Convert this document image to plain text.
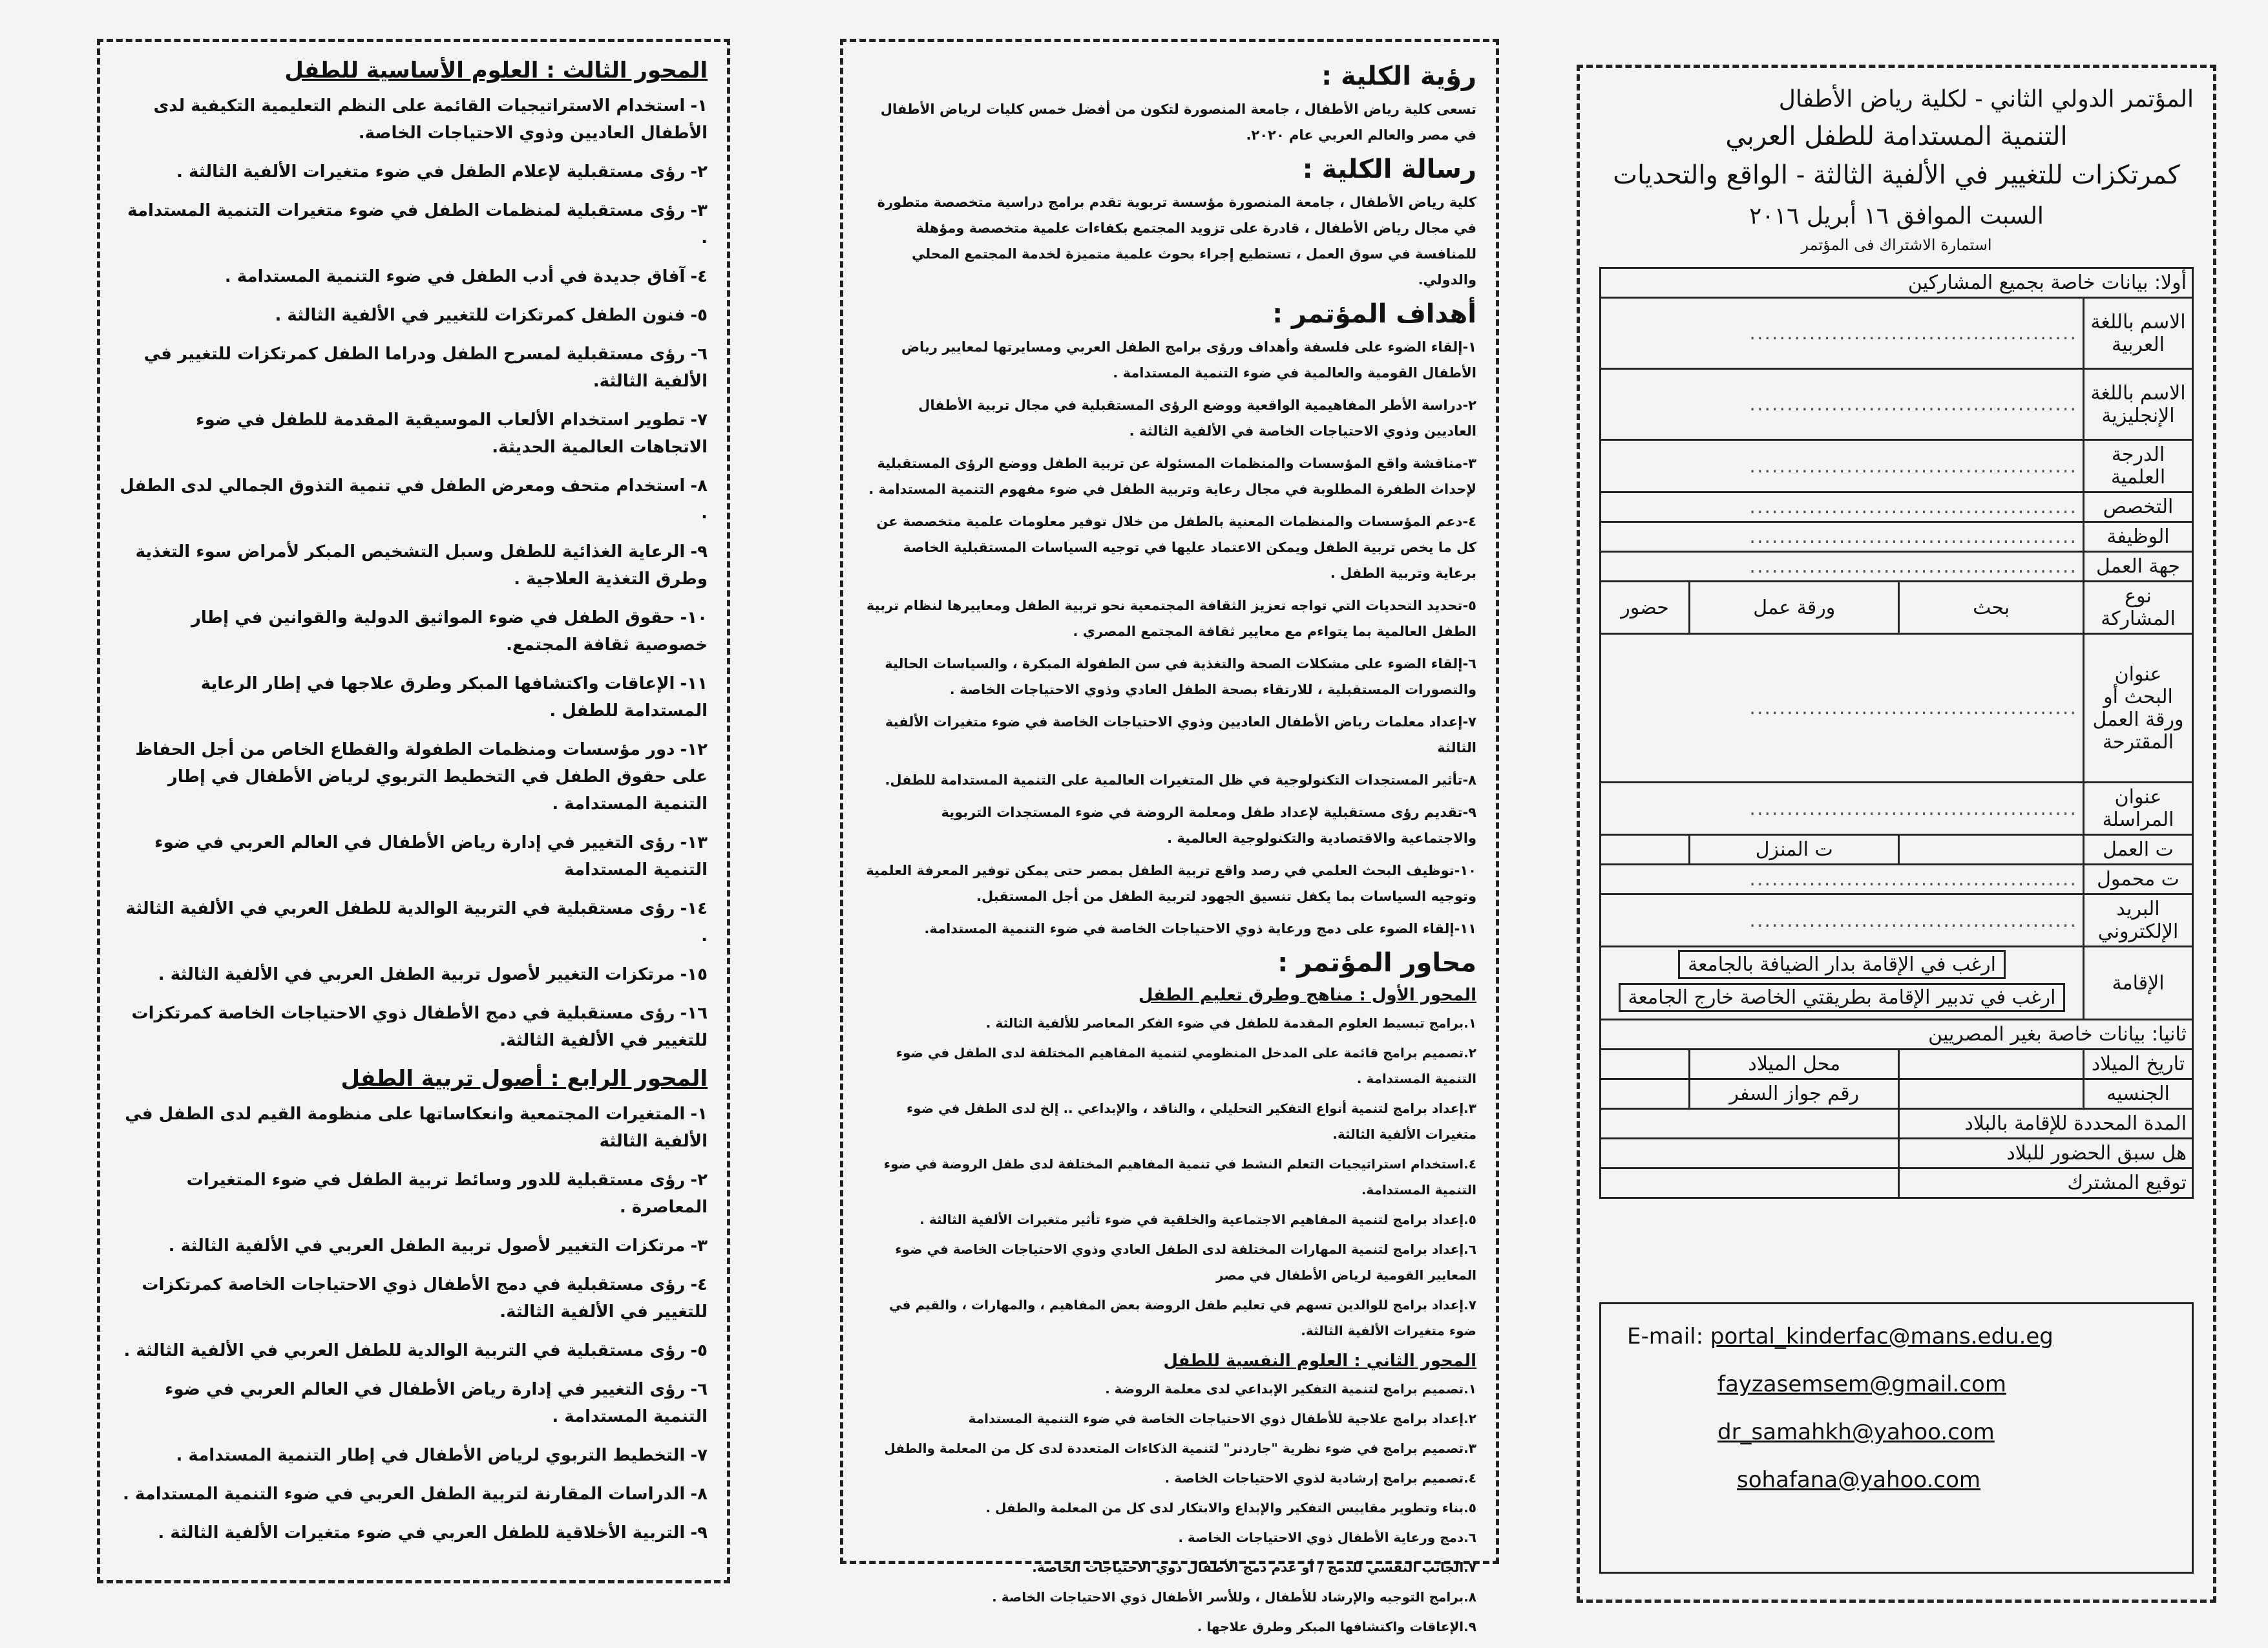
المحور الثالث : العلوم الأساسية للطفل
١-استخدام الاستراتيجيات القائمة على النظم التعليمية التكيفية لدى الأطفال العاديين وذوي الاحتياجات الخاصة.
٢-رؤى مستقبلية لإعلام الطفل في ضوء متغيرات الألفية الثالثة .
٣-رؤى مستقبلية لمنظمات الطفل في ضوء متغيرات التنمية المستدامة .
٤-آفاق جديدة في أدب الطفل في ضوء التنمية المستدامة .
٥-فنون الطفل كمرتكزات للتغيير في الألفية الثالثة .
٦-رؤى مستقبلية لمسرح الطفل ودراما الطفل كمرتكزات للتغيير في الألفية الثالثة.
٧-تطوير استخدام الألعاب الموسيقية المقدمة للطفل في ضوء الاتجاهات العالمية الحديثة.
٨-استخدام متحف ومعرض الطفل في تنمية التذوق الجمالي لدى الطفل .
٩-الرعاية الغذائية للطفل وسبل التشخيص المبكر لأمراض سوء التغذية وطرق التغذية العلاجية .
١٠-حقوق الطفل في ضوء المواثيق الدولية والقوانين في إطار خصوصية ثقافة المجتمع.
١١-الإعاقات واكتشافها المبكر وطرق علاجها في إطار الرعاية المستدامة للطفل .
١٢-دور مؤسسات ومنظمات الطفولة والقطاع الخاص من أجل الحفاظ على حقوق الطفل في التخطيط التربوي لرياض الأطفال في إطار التنمية المستدامة .
١٣-رؤى التغيير في إدارة رياض الأطفال في العالم العربي في ضوء التنمية المستدامة
١٤-رؤى مستقبلية في التربية الوالدية للطفل العربي في الألفية الثالثة .
١٥-مرتكزات التغيير لأصول تربية الطفل العربي في الألفية الثالثة .
١٦-رؤى مستقبلية في دمج الأطفال ذوي الاحتياجات الخاصة كمرتكزات للتغيير في الألفية الثالثة.
المحور الرابع : أصول تربية الطفل
١-المتغيرات المجتمعية وانعكاساتها على منظومة القيم لدى الطفل في الألفية الثالثة
٢-رؤى مستقبلية للدور وسائط تربية الطفل في ضوء المتغيرات المعاصرة .
٣-مرتكزات التغيير لأصول تربية الطفل العربي في الألفية الثالثة .
٤-رؤى مستقبلية في دمج الأطفال ذوي الاحتياجات الخاصة كمرتكزات للتغيير في الألفية الثالثة.
٥-رؤى مستقبلية في التربية الوالدية للطفل العربي في الألفية الثالثة .
٦-رؤى التغيير في إدارة رياض الأطفال في العالم العربي في ضوء التنمية المستدامة .
٧-التخطيط التربوي لرياض الأطفال في إطار التنمية المستدامة .
٨-الدراسات المقارنة لتربية الطفل العربي في ضوء التنمية المستدامة .
٩-التربية الأخلاقية للطفل العربي في ضوء متغيرات الألفية الثالثة .
رؤية الكلية :
تسعى كلية رياض الأطفال ، جامعة المنصورة لتكون من أفضل خمس كليات لرياض الأطفال في مصر والعالم العربي عام ٢٠٢٠.
رسالة الكلية :
كلية رياض الأطفال ، جامعة المنصورة مؤسسة تربوية تقدم برامج دراسية متخصصة متطورة في مجال رياض الأطفال ، قادرة على تزويد المجتمع بكفاءات علمية متخصصة ومؤهلة للمنافسة في سوق العمل ، تستطيع إجراء بحوث علمية متميزة لخدمة المجتمع المحلي والدولي.
أهداف المؤتمر :
١-إلقاء الضوء على فلسفة وأهداف ورؤى برامج الطفل العربي ومسايرتها لمعايير رياض الأطفال القومية والعالمية في ضوء التنمية المستدامة .
٢-دراسة الأطر المفاهيمية الواقعية ووضع الرؤى المستقبلية في مجال تربية الأطفال العاديين وذوي الاحتياجات الخاصة في الألفية الثالثة .
٣-مناقشة واقع المؤسسات والمنظمات المسئولة عن تربية الطفل ووضع الرؤى المستقبلية لإحداث الطفرة المطلوبة في مجال رعاية وتربية الطفل في ضوء مفهوم التنمية المستدامة .
٤-دعم المؤسسات والمنظمات المعنية بالطفل من خلال توفير معلومات علمية متخصصة عن كل ما يخص تربية الطفل ويمكن الاعتماد عليها في توجيه السياسات المستقبلية الخاصة برعاية وتربية الطفل .
٥-تحديد التحديات التي تواجه تعزيز الثقافة المجتمعية نحو تربية الطفل ومعاييرها لنظام تربية الطفل العالمية بما يتواءم مع معايير ثقافة المجتمع المصري .
٦-إلقاء الضوء على مشكلات الصحة والتغذية في سن الطفولة المبكرة ، والسياسات الحالية والتصورات المستقبلية ، للارتقاء بصحة الطفل العادي وذوي الاحتياجات الخاصة .
٧-إعداد معلمات رياض الأطفال العاديين وذوي الاحتياجات الخاصة في ضوء متغيرات الألفية الثالثة
٨-تأثير المستجدات التكنولوجية في ظل المتغيرات العالمية على التنمية المستدامة للطفل.
٩-تقديم رؤى مستقبلية لإعداد طفل ومعلمة الروضة في ضوء المستجدات التربوية والاجتماعية والاقتصادية والتكنولوجية العالمية .
١٠-توظيف البحث العلمي في رصد واقع تربية الطفل بمصر حتى يمكن توفير المعرفة العلمية وتوجيه السياسات بما يكفل تنسيق الجهود لتربية الطفل من أجل المستقبل.
١١-إلقاء الضوء على دمج ورعاية ذوي الاحتياجات الخاصة في ضوء التنمية المستدامة.
محاور المؤتمر :
المحور الأول : مناهج وطرق تعليم الطفل
١.برامج تبسيط العلوم المقدمة للطفل في ضوء الفكر المعاصر للألفية الثالثة .
٢.تصميم برامج قائمة على المدخل المنظومي لتنمية المفاهيم المختلفة لدى الطفل في ضوء التنمية المستدامة .
٣.إعداد برامج لتنمية أنواع التفكير التحليلي ، والناقد ، والإبداعي .. إلخ لدى الطفل في ضوء متغيرات الألفية الثالثة.
٤.استخدام استراتيجيات التعلم النشط في تنمية المفاهيم المختلفة لدى طفل الروضة في ضوء التنمية المستدامة.
٥.إعداد برامج لتنمية المفاهيم الاجتماعية والخلقية في ضوء تأثير متغيرات الألفية الثالثة .
٦.إعداد برامج لتنمية المهارات المختلفة لدى الطفل العادي وذوي الاحتياجات الخاصة في ضوء المعايير القومية لرياض الأطفال في مصر
٧.إعداد برامج للوالدين تسهم في تعليم طفل الروضة بعض المفاهيم ، والمهارات ، والقيم في ضوء متغيرات الألفية الثالثة.
المحور الثاني : العلوم النفسية للطفل
١.تصميم برامج لتنمية التفكير الإبداعي لدى معلمة الروضة .
٢.إعداد برامج علاجية للأطفال ذوي الاحتياجات الخاصة في ضوء التنمية المستدامة
٣.تصميم برامج في ضوء نظرية "جاردنر" لتنمية الذكاءات المتعددة لدى كل من المعلمة والطفل
٤.تصميم برامج إرشادية لذوي الاحتياجات الخاصة .
٥.بناء وتطوير مقاييس التفكير والإبداع والابتكار لدى كل من المعلمة والطفل .
٦.دمج ورعاية الأطفال ذوي الاحتياجات الخاصة .
٧.الجانب النفسي للدمج / أو عدم دمج الأطفال ذوي الاحتياجات الخاصة.
٨.برامج التوجيه والإرشاد للأطفال ، وللأسر الأطفال ذوي الاحتياجات الخاصة .
٩.الإعاقات واكتشافها المبكر وطرق علاجها .
المؤتمر الدولي الثاني - لكلية رياض الأطفال
التنمية المستدامة للطفل العربي
كمرتكزات للتغيير في الألفية الثالثة - الواقع والتحديات
السبت الموافق ١٦ أبريل ٢٠١٦
استمارة الاشتراك فى المؤتمر
أولا: بيانات خاصة بجميع المشاركين			
الاسم باللغة العربية	............................................		
الاسم باللغة الإنجليزية	............................................		
الدرجة العلمية	............................................		
التخصص	............................................		
الوظيفة	............................................		
جهة العمل	............................................		
نوع المشاركة	بحث	ورقة عمل	حضور
عنوان البحث أو ورقة العمل المقترحة	............................................		
عنوان المراسلة	............................................		
ت العمل		ت المنزل	
ت محمول	............................................		
البريد الإلكتروني	............................................		
الإقامة	ارغب في الإقامة بدار الضيافة بالجامعة
ارغب في تدبير الإقامة بطريقتي الخاصة خارج الجامعة		
ثانيا: بيانات خاصة بغير المصريين			
تاريخ الميلاد		محل الميلاد	
الجنسيه		رقم جواز السفر	
المدة المحددة للإقامة بالبلاد			
هل سبق الحضور للبلاد			
توقيع المشترك			
E-mail: portal_kinderfac@mans.edu.eg
fayzasemsem@gmail.com
dr_samahkh@yahoo.com
sohafana@yahoo.com
